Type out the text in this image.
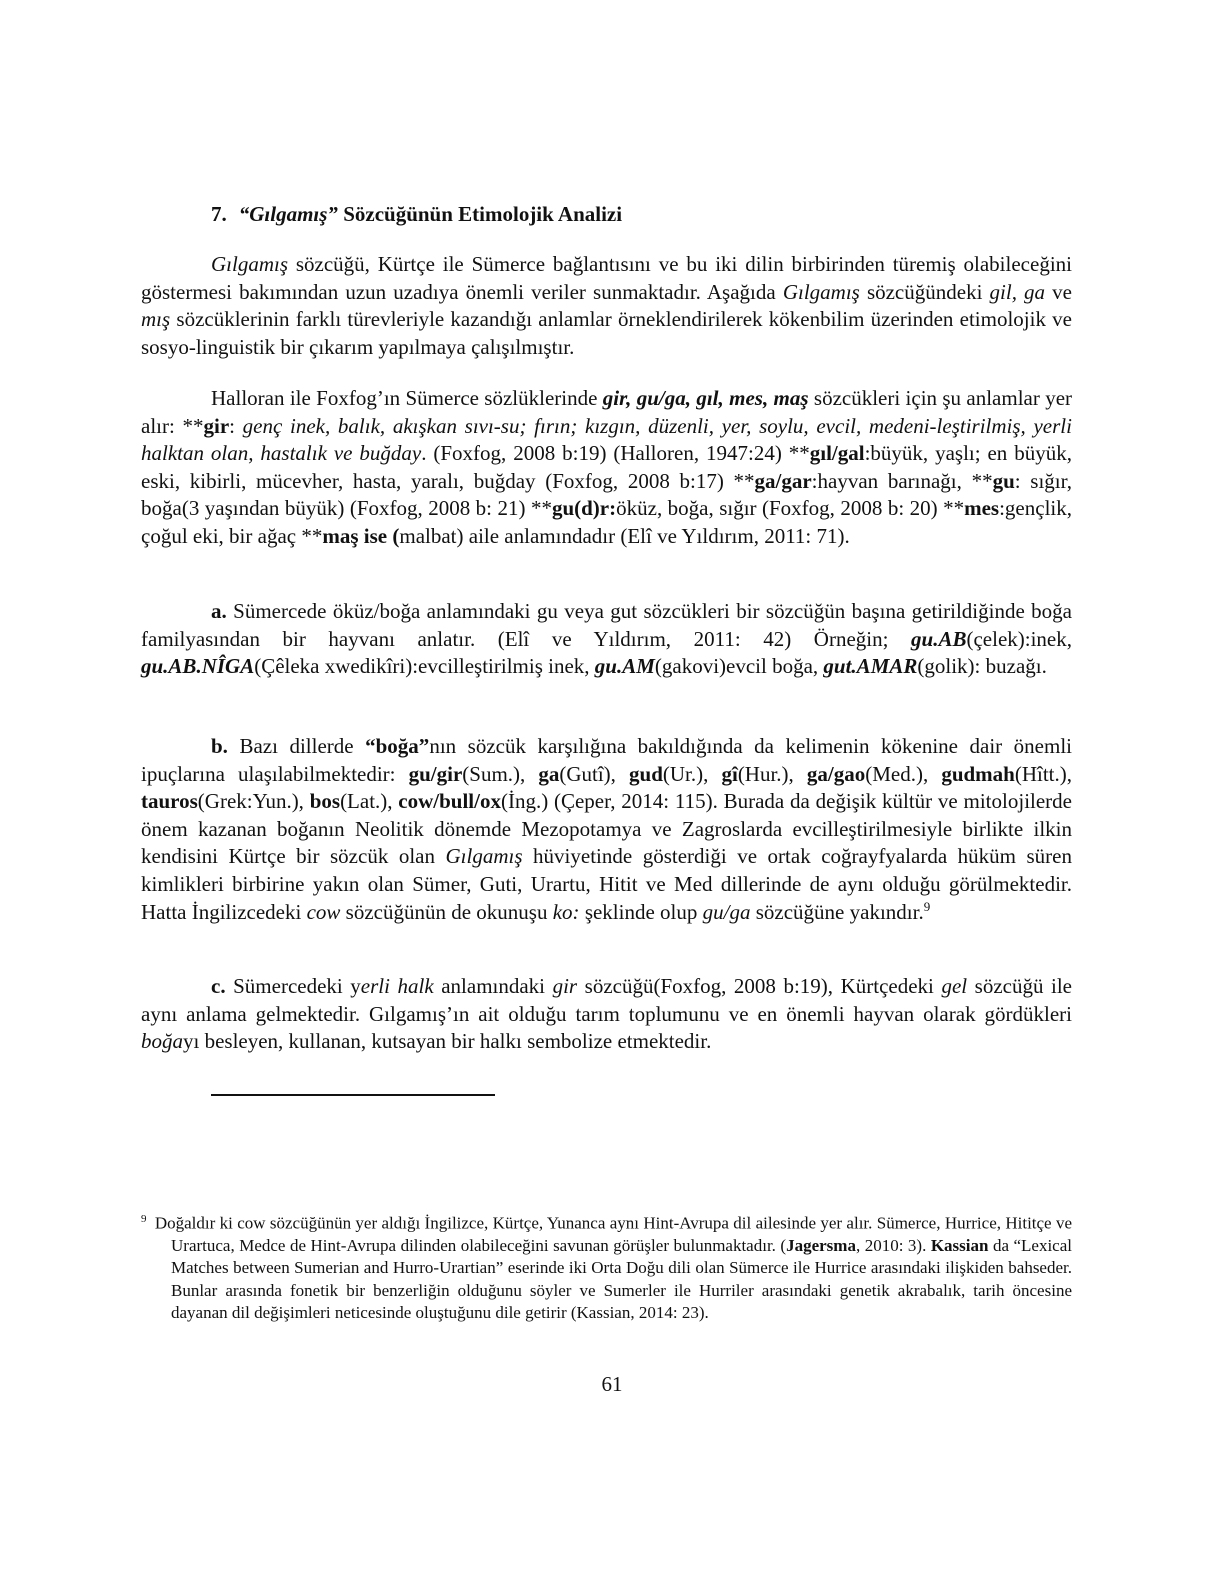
7. “Gılgamış” Sözcüğünün Etimolojik Analizi

Gılgamış sözcüğü, Kürtçe ile Sümerce bağlantısını ve bu iki dilin birbirinden türemiş olabileceğini göstermesi bakımından uzun uzadıya önemli veriler sunmaktadır. Aşağıda Gılgamış sözcüğündeki gil, ga ve mış sözcüklerinin farklı türevleriyle kazandığı anlamlar örneklendirilerek kökenbilim üzerinden etimolojik ve sosyo-linguistik bir çıkarım yapılmaya çalışılmıştır.

Halloran ile Foxfog’ın Sümerce sözlüklerinde gir, gu/ga, gıl, mes, maş sözcükleri için şu anlamlar yer alır: **gir: genç inek, balık, akışkan sıvı-su; fırın; kızgın, düzenli, yer, soylu, evcil, medeni-leştirilmiş, yerli halktan olan, hastalık ve buğday. (Foxfog, 2008 b:19) (Halloren, 1947:24) **gıl/gal:büyük, yaşlı; en büyük, eski, kibirli, mücevher, hasta, yaralı, buğday (Foxfog, 2008 b:17) **ga/gar:hayvan barınağı, **gu: sığır, boğa(3 yaşından büyük) (Foxfog, 2008 b: 21) **gu(d)r:öküz, boğa, sığır (Foxfog, 2008 b: 20) **mes:gençlik, çoğul eki, bir ağaç **maş ise (malbat) aile anlamındadır (Elî ve Yıldırım, 2011: 71).

a. Sümercede öküz/boğa anlamındaki gu veya gut sözcükleri bir sözcüğün başına getirildiğinde boğa familyasından bir hayvanı anlatır. (Elî ve Yıldırım, 2011: 42) Örneğin; gu.AB(çelek):inek, gu.AB.NÎGA(Çêleka xwedikîri):evcilleştirilmiş inek, gu.AM(gakovi)evcil boğa, gut.AMAR(golik): buzağı.

b. Bazı dillerde “boğa”nın sözcük karşılığına bakıldığında da kelimenin kökenine dair önemli ipuçlarına ulaşılabilmektedir: gu/gir(Sum.), ga(Gutî), gud(Ur.), gî(Hur.), ga/gao(Med.), gudmah(Hîtt.), tauros(Grek:Yun.), bos(Lat.), cow/bull/ox(İng.) (Çeper, 2014: 115). Burada da değişik kültür ve mitolojilerde önem kazanan boğanın Neolitik dönemde Mezopotamya ve Zagroslarda evcilleştirilmesiyle birlikte ilkin kendisini Kürtçe bir sözcük olan Gılgamış hüviyetinde gösterdiği ve ortak coğrayfyalarda hüküm süren kimlikleri birbirine yakın olan Sümer, Guti, Urartu, Hitit ve Med dillerinde de aynı olduğu görülmektedir. Hatta İngilizcedeki cow sözcüğünün de okunuşu ko: şeklinde olup gu/ga sözcüğüne yakındır.$^9$

c. Sümercedeki yerli halk anlamındaki gir sözcüğü(Foxfog, 2008 b:19), Kürtçedeki gel sözcüğü ile aynı anlama gelmektedir. Gılgamış’ın ait olduğu tarım toplumunu ve en önemli hayvan olarak gördükleri boğayı besleyen, kullanan, kutsayan bir halkı sembolize etmektedir.

$^9$ Doğaldır ki cow sözcüğünün yer aldığı İngilizce, Kürtçe, Yunanca aynı Hint-Avrupa dil ailesinde yer alır. Sümerce, Hurrice, Hititçe ve Urartuca, Medce de Hint-Avrupa dilinden olabileceğini savunan görüşler bulunmaktadır. (Jagersma, 2010: 3). Kassian da “Lexical Matches between Sumerian and Hurro-Urartian” eserinde iki Orta Doğu dili olan Sümerce ile Hurrice arasındaki ilişkiden bahseder. Bunlar arasında fonetik bir benzerliğin olduğunu söyler ve Sumerler ile Hurriler arasındaki genetik akrabalık, tarih öncesine dayanan dil değişimleri neticesinde oluştuğunu dile getirir (Kassian, 2014: 23).

61
